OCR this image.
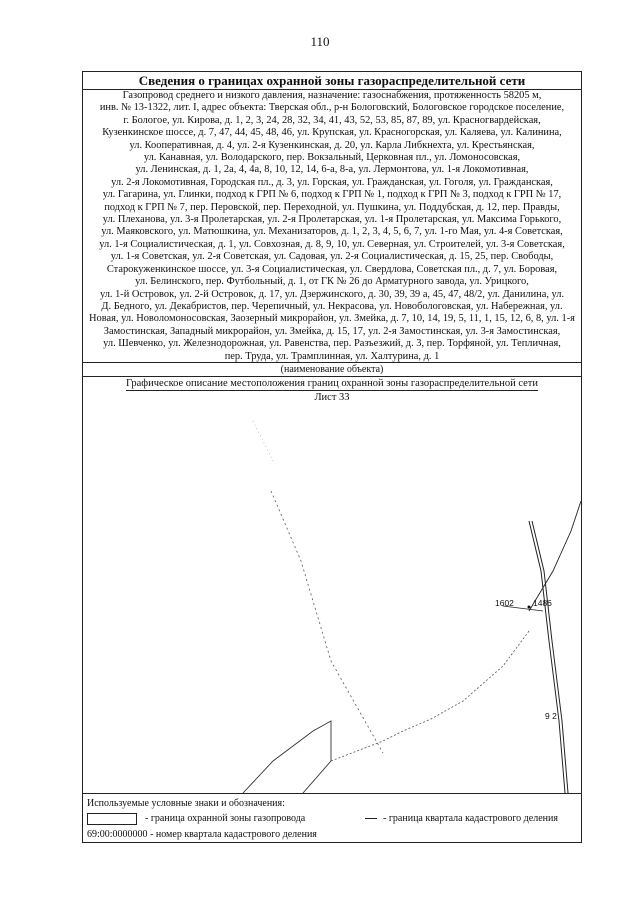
110
Сведения о границах охранной зоны газораспределительной сети
Газопровод среднего и низкого давления, назначение: газоснабжения, протяженность 58205 м,
инв. № 13-1322, лит. I, адрес объекта: Тверская обл., р-н Бологовский, Бологовское городское поселение,
г. Бологое, ул. Кирова, д. 1, 2, 3, 24, 28, 32, 34, 41, 43, 52, 53, 85, 87, 89, ул. Красногвардейская,
Кузенкинское шоссе, д. 7, 47, 44, 45, 48, 46, ул. Крупская, ул. Красногорская, ул. Каляева, ул. Калинина,
ул. Кооперативная, д. 4, ул. 2-я Кузенкинская, д. 20, ул. Карла Либкнехта, ул. Крестьянская,
ул. Канавная, ул. Володарского, пер. Вокзальный, Церковная пл., ул. Ломоносовская,
ул. Ленинская, д. 1, 2а, 4, 4а, 8, 10, 12, 14, 6-а, 8-а, ул. Лермонтова, ул. 1-я Локомотивная,
ул. 2-я Локомотивная, Городская пл., д. 3, ул. Горская, ул. Гражданская, ул. Гоголя, ул. Гражданская,
ул. Гагарина, ул. Глинки, подход к ГРП № 6, подход к ГРП № 1, подход к ГРП № 3, подход к ГРП № 17,
подход к ГРП № 7, пер. Перовской, пер. Переходной, ул. Пушкина, ул. Поддубская, д. 12, пер. Правды,
ул. Плеханова, ул. 3-я Пролетарская, ул. 2-я Пролетарская, ул. 1-я Пролетарская, ул. Максима Горького,
ул. Маяковского, ул. Матюшкина, ул. Механизаторов, д. 1, 2, 3, 4, 5, 6, 7, ул. 1-го Мая, ул. 4-я Советская,
ул. 1-я Социалистическая, д. 1, ул. Совхозная, д. 8, 9, 10, ул. Северная, ул. Строителей, ул. 3-я Советская,
ул. 1-я Советская, ул. 2-я Советская, ул. Садовая, ул. 2-я Социалистическая, д. 15, 25, пер. Свободы,
Старокуженкинское шоссе, ул. 3-я Социалистическая, ул. Свердлова, Советская пл., д. 7, ул. Боровая,
ул. Белинского, пер. Футбольный, д. 1, от ГК № 26 до Арматурного завода, ул. Урицкого,
ул. 1-й Островок, ул. 2-й Островок, д. 17, ул. Дзержинского, д. 30, 39, 39 а, 45, 47, 48/2, ул. Данилина, ул.
Д. Бедного, ул. Декабристов, пер. Черепичный, ул. Некрасова, ул. Новобологовская, ул. Набережная, ул.
Новая, ул. Новоломоносовская, Заозерный микрорайон, ул. Змейка, д. 7, 10, 14, 19, 5, 11, 1, 15, 12, 6, 8, ул. 1-я
Замостинская, Западный микрорайон, ул. Змейка, д. 15, 17, ул. 2-я Замостинская, ул. 3-я Замостинская,
ул. Шевченко, ул. Железнодорожная, ул. Равенства, пер. Разъезжий, д. 3, пер. Торфяной, ул. Тепличная,
пер. Труда, ул. Трамплинная, ул. Халтурина, д. 1
(наименование объекта)
Графическое описание местоположения границ охранной зоны газораспределительной сети
Лист 33
1602 1486
9 2
Используемые условные знаки и обозначения:
- граница охранной зоны газопровода	- граница квартала кадастрового деления
69:00:0000000 - номер квартала кадастрового деления
